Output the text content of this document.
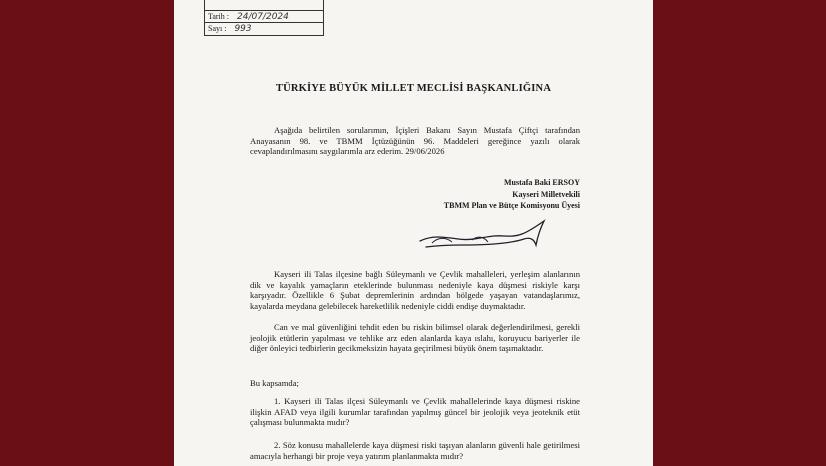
Tarih : 24/07/2024
Sayı : 993
TÜRKİYE BÜYÜK MİLLET MECLİSİ BAŞKANLIĞINA
Aşağıda belirtilen sorularımın, İçişleri Bakanı Sayın Mustafa Çiftçi tarafından Anayasanın 98. ve TBMM İçtüzüğünün 96. Maddeleri gereğince yazılı olarak cevaplandırılmasını saygılarımla arz ederim. 29/06/2026
Mustafa Baki ERSOY
Kayseri Milletvekili
TBMM Plan ve Bütçe Komisyonu Üyesi
Kayseri ili Talas ilçesine bağlı Süleymanlı ve Çevlik mahalleleri, yerleşim alanlarının dik ve kayalık yamaçların eteklerinde bulunması nedeniyle kaya düşmesi riskiyle karşı karşıyadır. Özellikle 6 Şubat depremlerinin ardından bölgede yaşayan vatandaşlarımız, kayalarda meydana gelebilecek hareketlilik nedeniyle ciddi endişe duymaktadır.
Can ve mal güvenliğini tehdit eden bu riskin bilimsel olarak değerlendirilmesi, gerekli jeolojik etütlerin yapılması ve tehlike arz eden alanlarda kaya ıslahı, koruyucu bariyerler ile diğer önleyici tedbirlerin gecikmeksizin hayata geçirilmesi büyük önem taşımaktadır.
Bu kapsamda;
1. Kayseri ili Talas ilçesi Süleymanlı ve Çevlik mahallelerinde kaya düşmesi riskine ilişkin AFAD veya ilgili kurumlar tarafından yapılmış güncel bir jeolojik veya jeoteknik etüt çalışması bulunmakta mıdır?
2. Söz konusu mahallelerde kaya düşmesi riski taşıyan alanların güvenli hale getirilmesi amacıyla herhangi bir proje veya yatırım planlanmakta mıdır?
